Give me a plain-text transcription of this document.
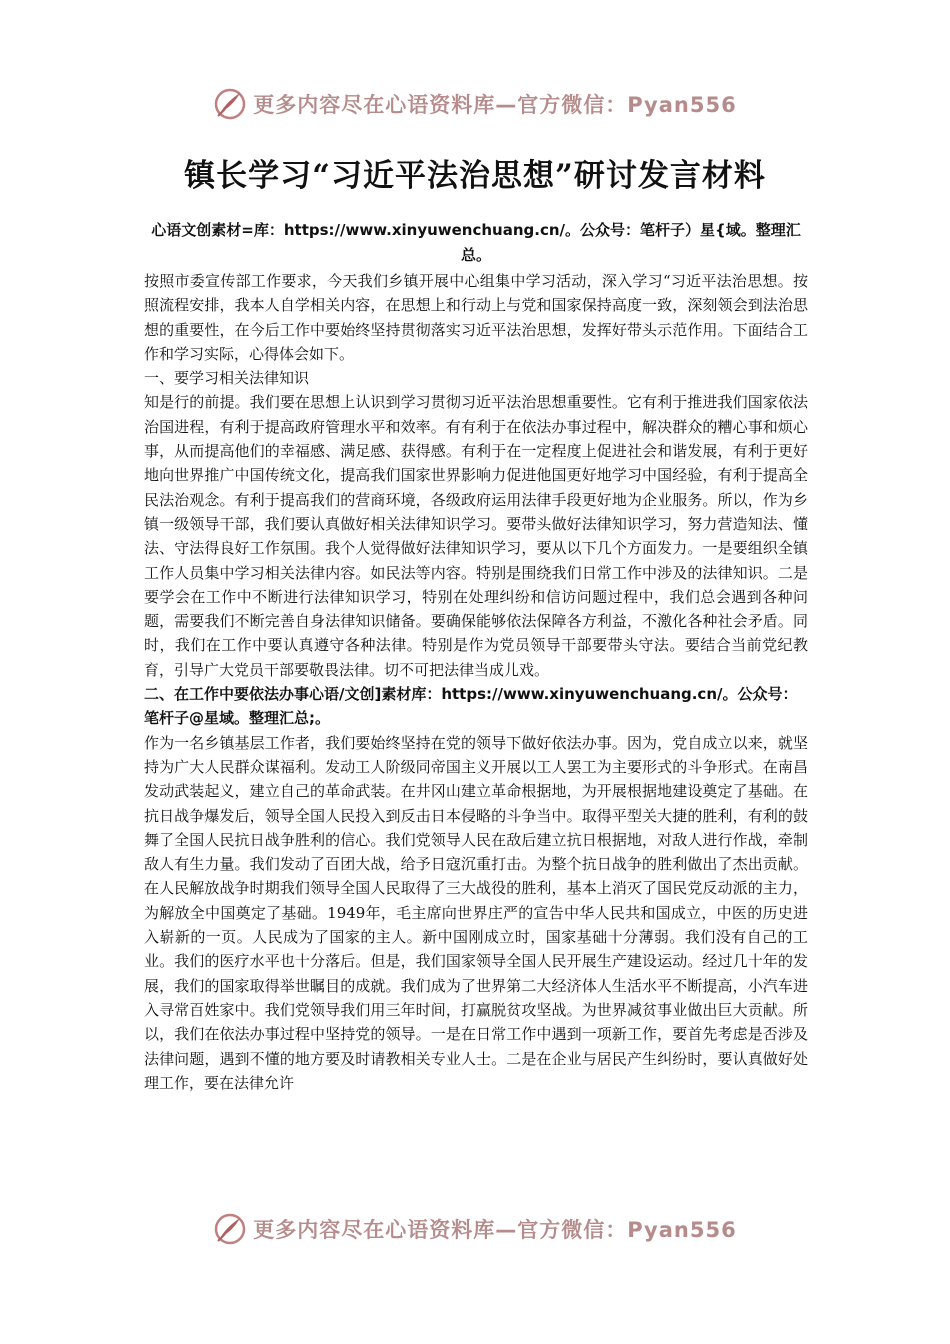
更多内容尽在心语资料库—官方微信：Pyan556
镇长学习“习近平法治思想”研讨发言材料

心语文创素材=库：https://www.xinyuwenchuang.cn/。公众号：笔杆子）星{域。整理汇总。

按照市委宣传部工作要求，今天我们乡镇开展中心组集中学习活动，深入学习“习近平法治思想。按照流程安排，我本人自学相关内容，在思想上和行动上与党和国家保持高度一致，深刻领会到法治思想的重要性，在今后工作中要始终坚持贯彻落实习近平法治思想，发挥好带头示范作用。下面结合工作和学习实际，心得体会如下。

一、要学习相关法律知识

知是行的前提。我们要在思想上认识到学习贯彻习近平法治思想重要性。它有利于推进我们国家依法治国进程，有利于提高政府管理水平和效率。有有利于在依法办事过程中，解决群众的糟心事和烦心事，从而提高他们的幸福感、满足感、获得感。有利于在一定程度上促进社会和谐发展，有利于更好地向世界推广中国传统文化，提高我们国家世界影响力促进他国更好地学习中国经验，有利于提高全民法治观念。有利于提高我们的营商环境，各级政府运用法律手段更好地为企业服务。所以，作为乡镇一级领导干部，我们要认真做好相关法律知识学习。要带头做好法律知识学习，努力营造知法、懂法、守法得良好工作氛围。我个人觉得做好法律知识学习，要从以下几个方面发力。一是要组织全镇工作人员集中学习相关法律内容。如民法等内容。特别是围绕我们日常工作中涉及的法律知识。二是要学会在工作中不断进行法律知识学习，特别在处理纠纷和信访问题过程中，我们总会遇到各种问题，需要我们不断完善自身法律知识储备。要确保能够依法保障各方利益，不激化各种社会矛盾。同时，我们在工作中要认真遵守各种法律。特别是作为党员领导干部要带头守法。要结合当前党纪教育，引导广大党员干部要敬畏法律。切不可把法律当成儿戏。

二、在工作中要依法办事心语/文创]素材库：https://www.xinyuwenchuang.cn/。公众号：笔杆子@星域。整理汇总;。

作为一名乡镇基层工作者，我们要始终坚持在党的领导下做好依法办事。因为，党自成立以来，就坚持为广大人民群众谋福利。发动工人阶级同帝国主义开展以工人罢工为主要形式的斗争形式。在南昌发动武装起义，建立自己的革命武装。在井冈山建立革命根据地，为开展根据地建设奠定了基础。在抗日战争爆发后，领导全国人民投入到反击日本侵略的斗争当中。取得平型关大捷的胜利，有利的鼓舞了全国人民抗日战争胜利的信心。我们党领导人民在敌后建立抗日根据地，对敌人进行作战，牵制敌人有生力量。我们发动了百团大战，给予日寇沉重打击。为整个抗日战争的胜利做出了杰出贡献。在人民解放战争时期我们领导全国人民取得了三大战役的胜利，基本上消灭了国民党反动派的主力，为解放全中国奠定了基础。1949年，毛主席向世界庄严的宣告中华人民共和国成立，中医的历史进入崭新的一页。人民成为了国家的主人。新中国刚成立时，国家基础十分薄弱。我们没有自己的工业。我们的医疗水平也十分落后。但是，我们国家领导全国人民开展生产建设运动。经过几十年的发展，我们的国家取得举世瞩目的成就。我们成为了世界第二大经济体人生活水平不断提高，小汽车进入寻常百姓家中。我们党领导我们用三年时间，打赢脱贫攻坚战。为世界减贫事业做出巨大贡献。所以，我们在依法办事过程中坚持党的领导。一是在日常工作中遇到一项新工作，要首先考虑是否涉及法律问题，遇到不懂的地方要及时请教相关专业人士。二是在企业与居民产生纠纷时，要认真做好处理工作，要在法律允许

更多内容尽在心语资料库—官方微信：Pyan556
